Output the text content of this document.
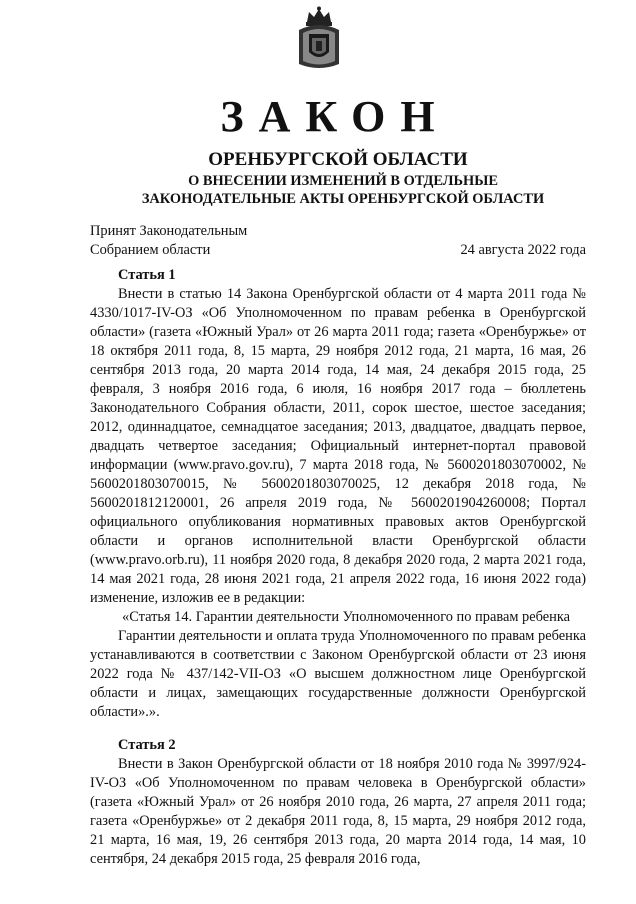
ЗАКОН
ОРЕНБУРГСКОЙ ОБЛАСТИ
О ВНЕСЕНИИ ИЗМЕНЕНИЙ В ОТДЕЛЬНЫЕ
ЗАКОНОДАТЕЛЬНЫЕ АКТЫ ОРЕНБУРГСКОЙ ОБЛАСТИ
Принят Законодательным
Собранием области	24 августа 2022 года

Статья 1

Внести в статью 14 Закона Оренбургской области от 4 марта 2011 года № 4330/1017-IV-ОЗ «Об Уполномоченном по правам ребенка в Оренбургской области» (газета «Южный Урал» от 26 марта 2011 года; газета «Оренбуржье» от 18 октября 2011 года, 8, 15 марта, 29 ноября 2012 года, 21 марта, 16 мая, 26 сентября 2013 года, 20 марта 2014 года, 14 мая, 24 декабря 2015 года, 25 февраля, 3 ноября 2016 года, 6 июля, 16 ноября 2017 года – бюллетень Законодательного Собрания области, 2011, сорок шестое, шестое заседания; 2012, одиннадцатое, семнадцатое заседания; 2013, двадцатое, двадцать первое, двадцать четвертое заседания; Официальный интернет-портал правовой информации (www.pravo.gov.ru), 7 марта 2018 года, № 5600201803070002, № 5600201803070015, № 5600201803070025, 12 декабря 2018 года, № 5600201812120001, 26 апреля 2019 года, № 5600201904260008; Портал официального опубликования нормативных правовых актов Оренбургской области и органов исполнительной власти Оренбургской области (www.pravo.orb.ru), 11 ноября 2020 года, 8 декабря 2020 года, 2 марта 2021 года, 14 мая 2021 года, 28 июня 2021 года, 21 апреля 2022 года, 16 июня 2022 года) изменение, изложив ее в редакции:

«Статья 14. Гарантии деятельности Уполномоченного по правам ребенка

Гарантии деятельности и оплата труда Уполномоченного по правам ребенка устанавливаются в соответствии с Законом Оренбургской области от 23 июня 2022 года № 437/142-VII-ОЗ «О высшем должностном лице Оренбургской области и лицах, замещающих государственные должности Оренбургской области».».

Статья 2

Внести в Закон Оренбургской области от 18 ноября 2010 года № 3997/924-IV-ОЗ «Об Уполномоченном по правам человека в Оренбургской области» (газета «Южный Урал» от 26 ноября 2010 года, 26 марта, 27 апреля 2011 года; газета «Оренбуржье» от 2 декабря 2011 года, 8, 15 марта, 29 ноября 2012 года, 21 марта, 16 мая, 19, 26 сентября 2013 года, 20 марта 2014 года, 14 мая, 10 сентября, 24 декабря 2015 года, 25 февраля 2016 года,
